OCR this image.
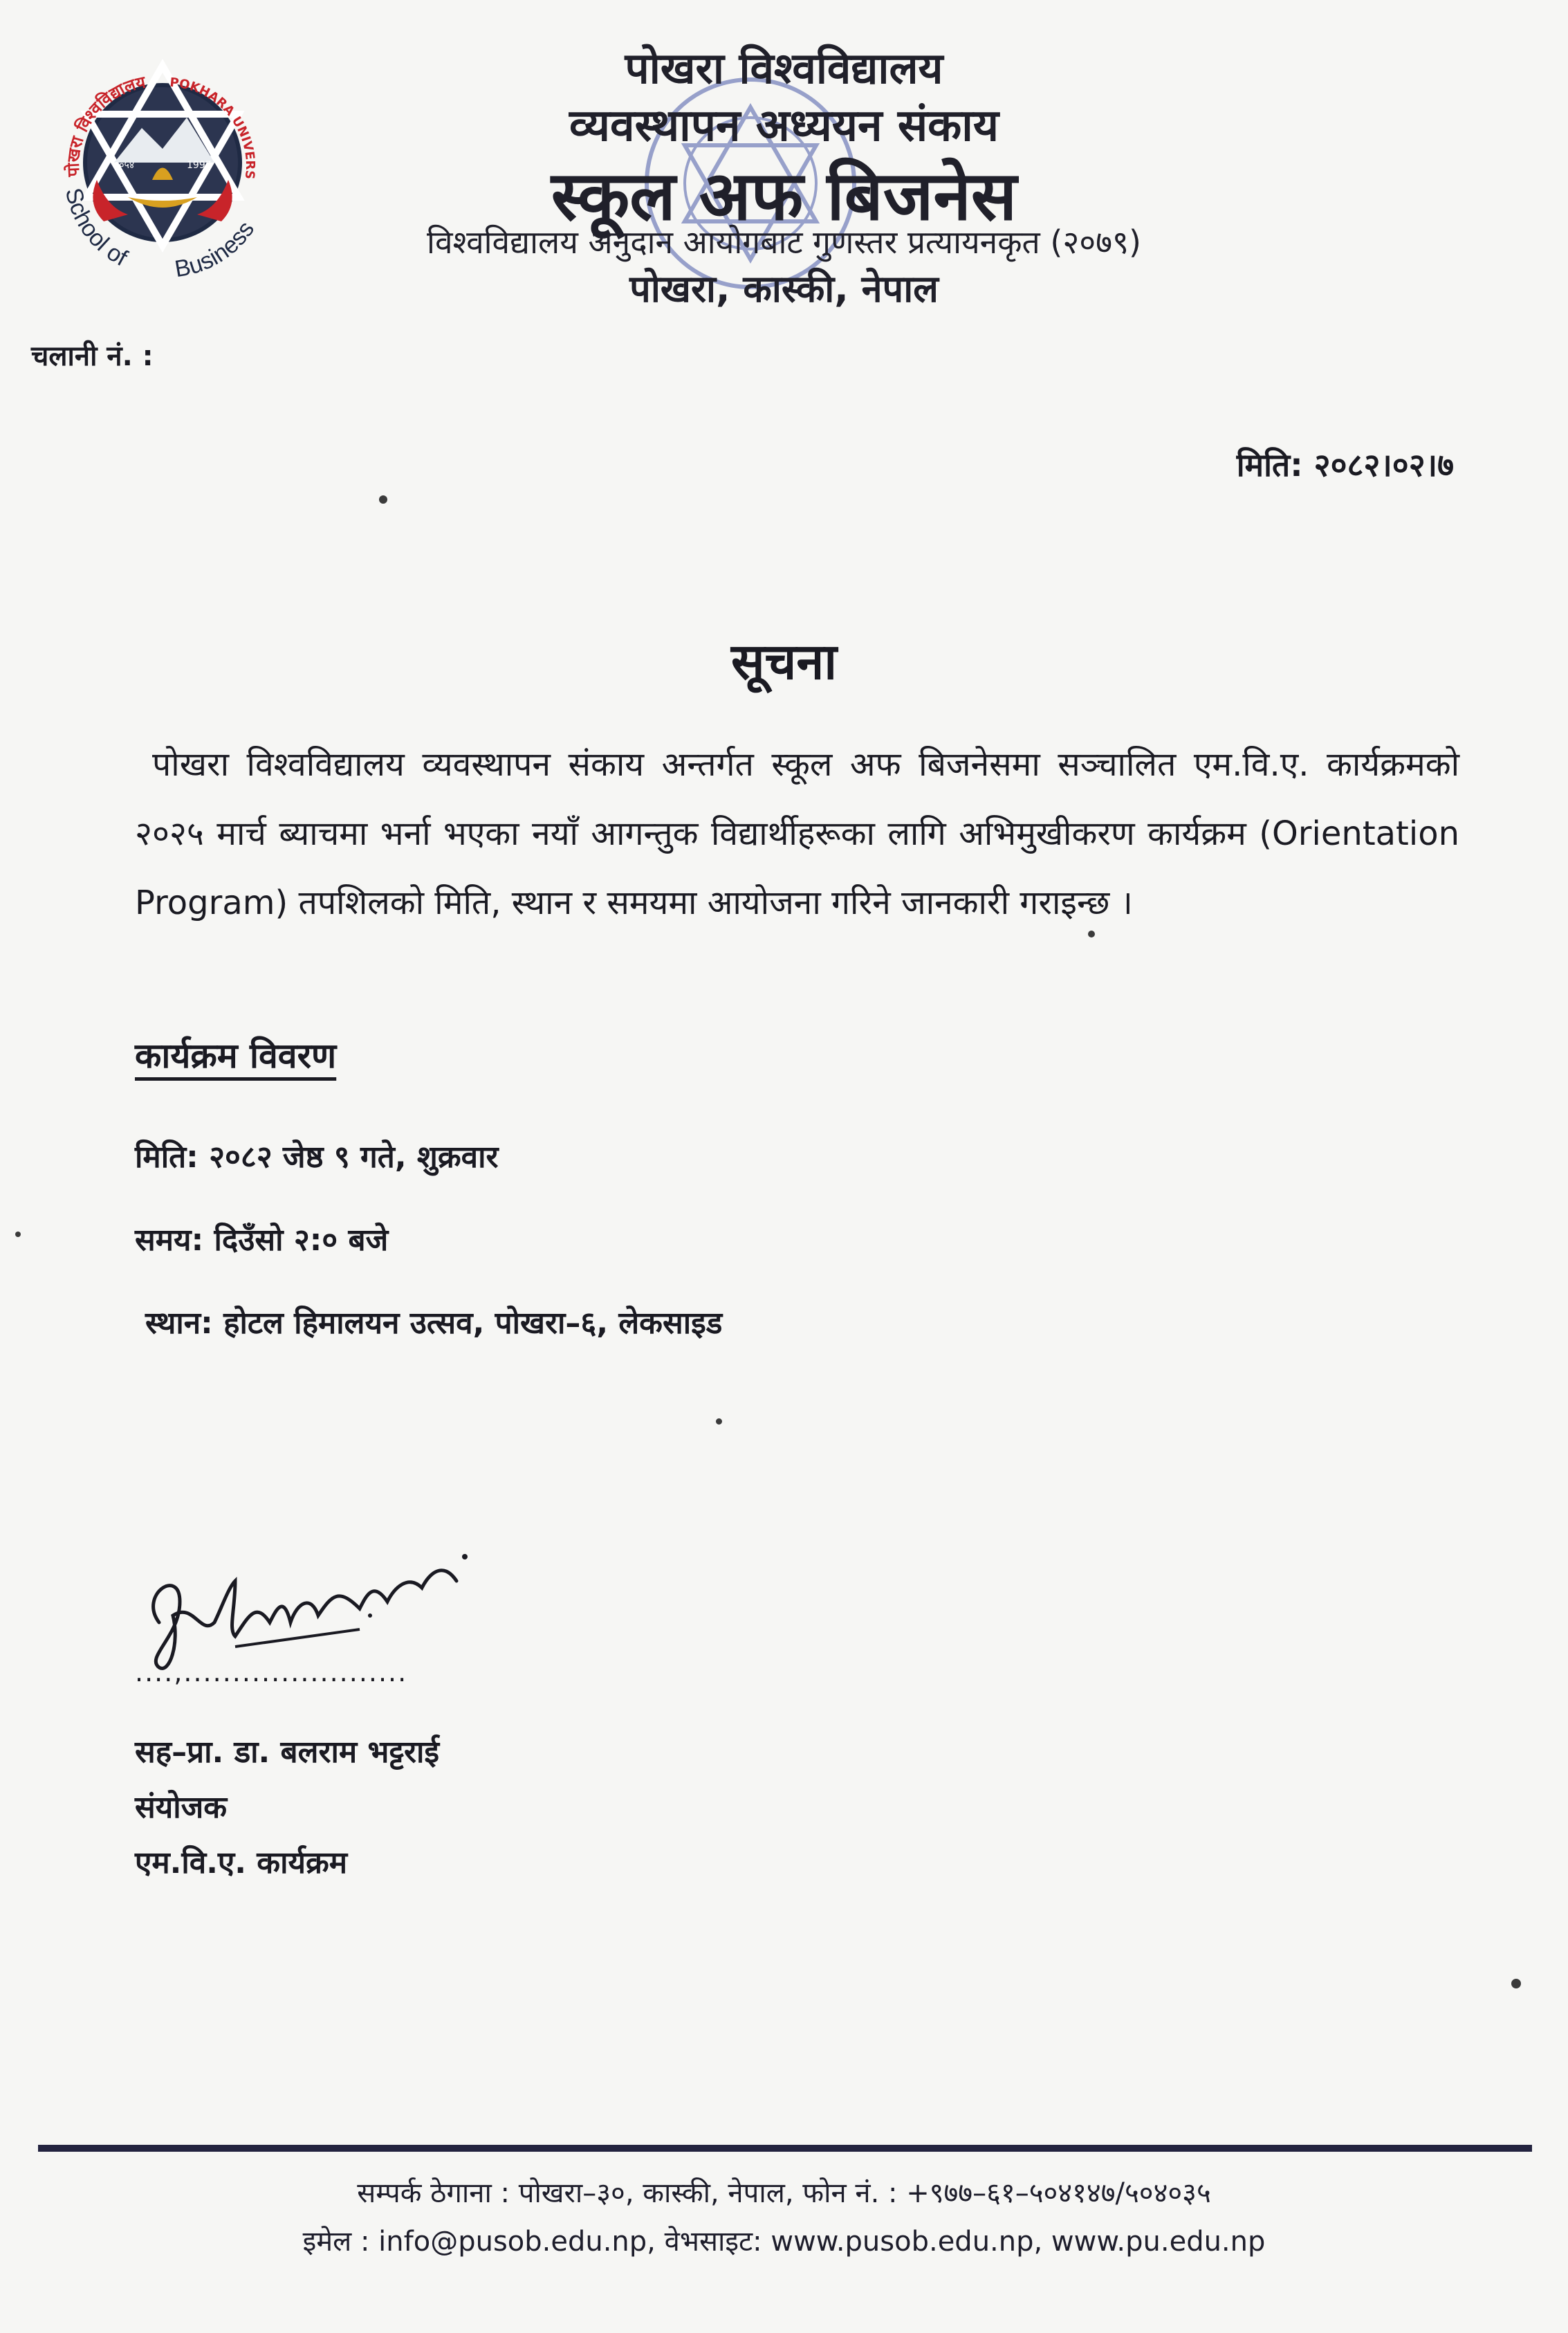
पोखरा विश्वविद्यालय	POKHARA UNIVERS
२०५४	1997
School of Business
पोखरा विश्वविद्यालय
व्यवस्थापन अध्ययन संकाय
स्कूल अफ बिजनेस
विश्वविद्यालय अनुदान आयोगबाट गुणस्तर प्रत्यायनकृत (२०७९)
पोखरा, कास्की, नेपाल
चलानी नं. :
मिति: २०८२।०२।७
सूचना
पोखरा विश्वविद्यालय व्यवस्थापन संकाय अन्तर्गत स्कूल अफ बिजनेसमा सञ्चालित एम.वि.ए. कार्यक्रमको २०२५ मार्च ब्याचमा भर्ना भएका नयाँ आगन्तुक विद्यार्थीहरूका लागि अभिमुखीकरण कार्यक्रम (Orientation Program) तपशिलको मिति, स्थान र समयमा आयोजना गरिने जानकारी गराइन्छ ।
कार्यक्रम विवरण
मिति: २०८२ जेष्ठ ९ गते, शुक्रवार
समय: दिउँसो २:० बजे
स्थान: होटल हिमालयन उत्सव, पोखरा–६, लेकसाइड
....,.......................
सह–प्रा. डा. बलराम भट्टराई
संयोजक
एम.वि.ए. कार्यक्रम
सम्पर्क ठेगाना : पोखरा–३०, कास्की, नेपाल, फोन नं. : +९७७–६१–५०४१४७/५०४०३५
इमेल : info@pusob.edu.np, वेभसाइट: www.pusob.edu.np, www.pu.edu.np
